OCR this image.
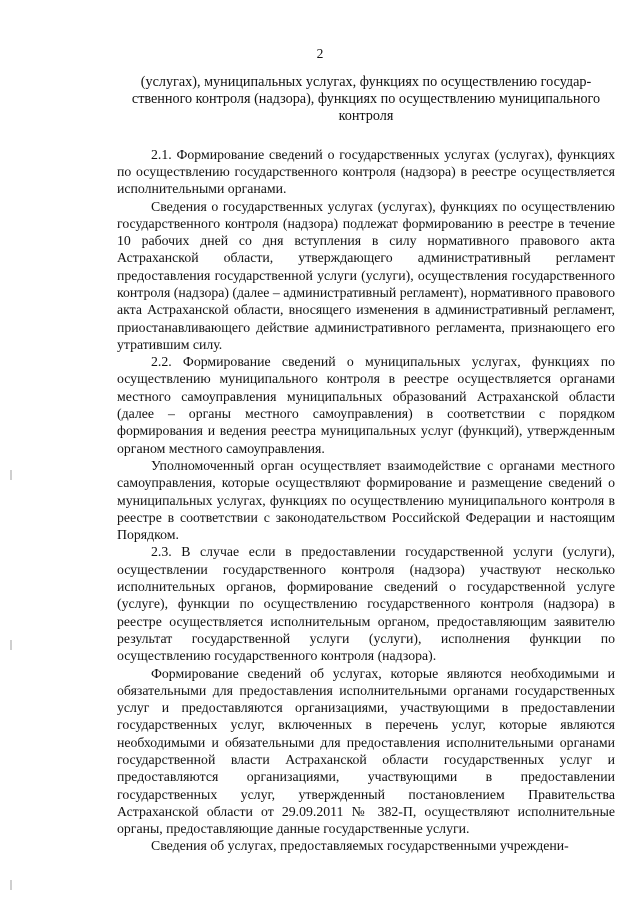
2
(услугах), муниципальных услугах, функциях по осуществлению государ-
ственного контроля (надзора), функциях по осуществлению муниципального
контроля

2.1. Формирование сведений о государственных услугах (услугах), функциях по осуществлению государственного контроля (надзора) в реестре осуществляется исполнительными органами.

Сведения о государственных услугах (услугах), функциях по осуществлению государственного контроля (надзора) подлежат формированию в реестре в течение 10 рабочих дней со дня вступления в силу нормативного правового акта Астраханской области, утверждающего административный регламент предоставления государственной услуги (услуги), осуществления государственного контроля (надзора) (далее – административный регламент), нормативного правового акта Астраханской области, вносящего изменения в административный регламент, приостанавливающего действие административного регламента, признающего его утратившим силу.

2.2. Формирование сведений о муниципальных услугах, функциях по осуществлению муниципального контроля в реестре осуществляется органами местного самоуправления муниципальных образований Астраханской области (далее – органы местного самоуправления) в соответствии с порядком формирования и ведения реестра муниципальных услуг (функций), утвержденным органом местного самоуправления.

Уполномоченный орган осуществляет взаимодействие с органами местного самоуправления, которые осуществляют формирование и размещение сведений о муниципальных услугах, функциях по осуществлению муниципального контроля в реестре в соответствии с законодательством Российской Федерации и настоящим Порядком.

2.3. В случае если в предоставлении государственной услуги (услуги), осуществлении государственного контроля (надзора) участвуют несколько исполнительных органов, формирование сведений о государственной услуге (услуге), функции по осуществлению государственного контроля (надзора) в реестре осуществляется исполнительным органом, предоставляющим заявителю результат государственной услуги (услуги), исполнения функции по осуществлению государственного контроля (надзора).

Формирование сведений об услугах, которые являются необходимыми и обязательными для предоставления исполнительными органами государственных услуг и предоставляются организациями, участвующими в предоставлении государственных услуг, включенных в перечень услуг, которые являются необходимыми и обязательными для предоставления исполнительными органами государственной власти Астраханской области государственных услуг и предоставляются организациями, участвующими в предоставлении государственных услуг, утвержденный постановлением Правительства Астраханской области от 29.09.2011 № 382-П, осуществляют исполнительные органы, предоставляющие данные государственные услуги.

Сведения об услугах, предоставляемых государственными учреждени-
